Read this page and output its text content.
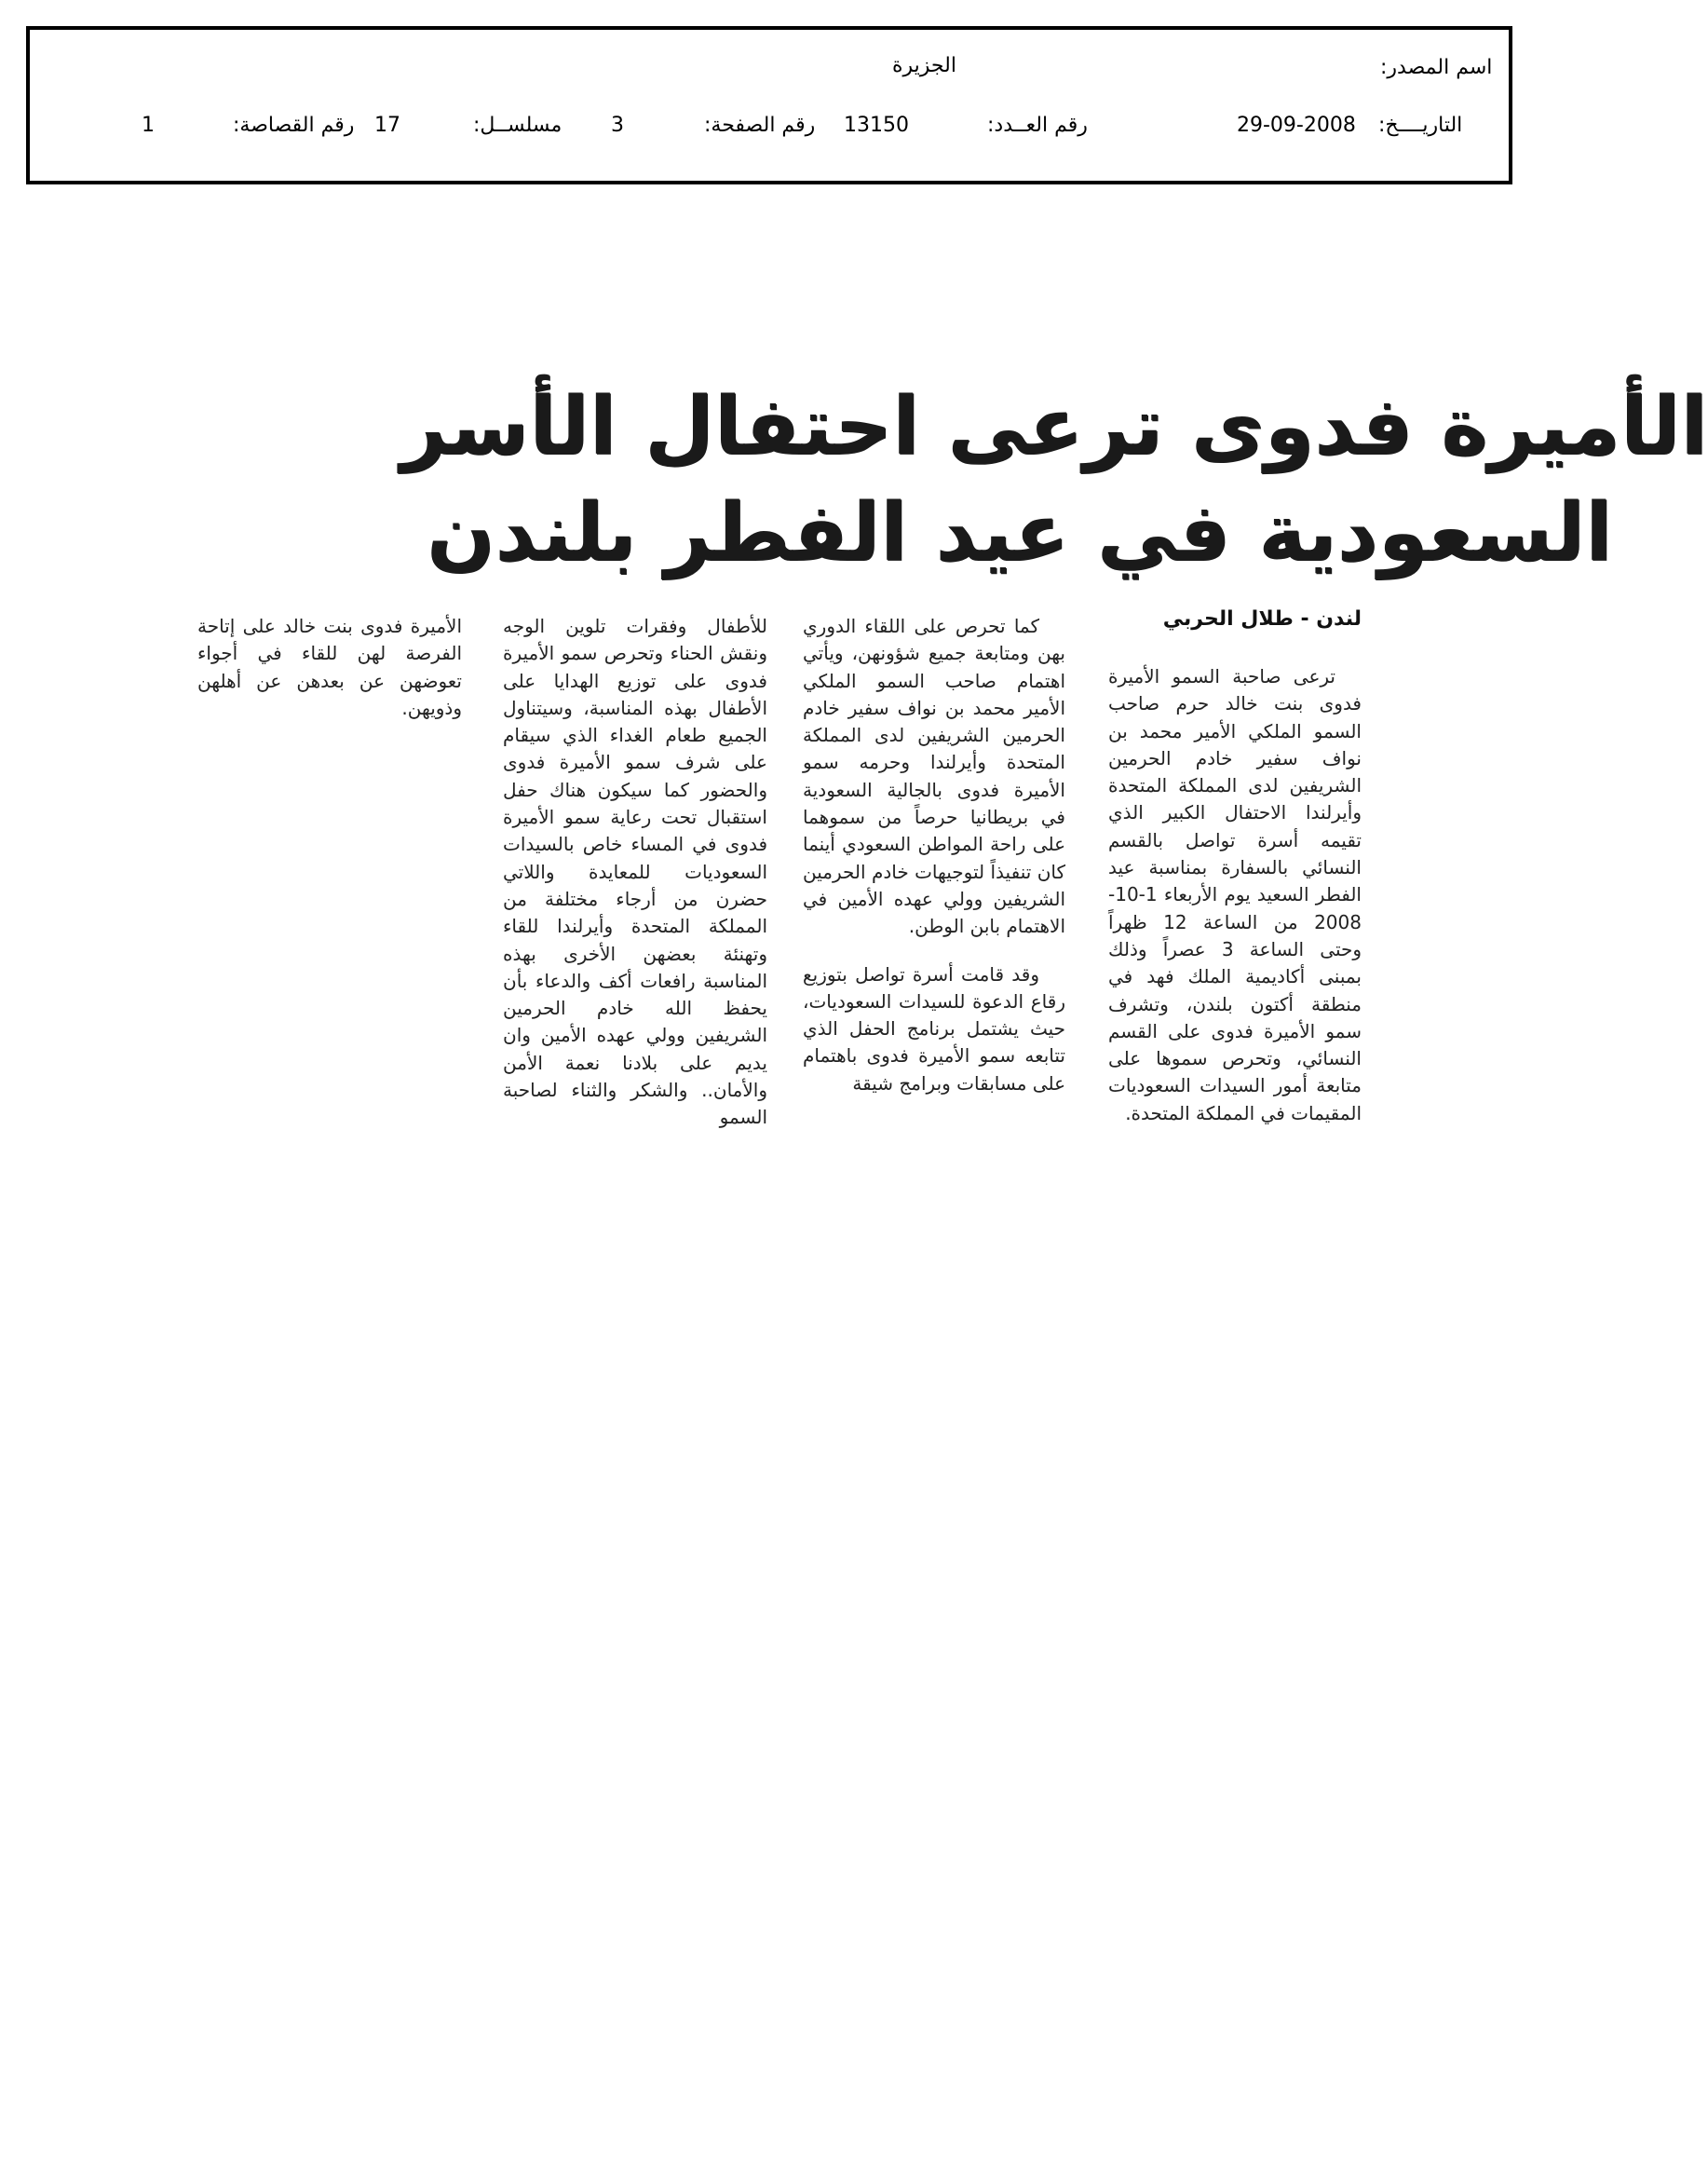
اسم المصدر:
الجزيرة
التاريــــخ:
29-09-2008
رقم العــدد:
13150
رقم الصفحة:
3
مسلســل:
17
رقم القصاصة:
1
الأميرة فدوى ترعى احتفال الأسر
السعودية في عيد الفطر بلندن
لندن - طلال الحربي

ترعى صاحبة السمو الأميرة فدوى بنت خالد حرم صاحب السمو الملكي الأمير محمد بن نواف سفير خادم الحرمين الشريفين لدى المملكة المتحدة وأيرلندا الاحتفال الكبير الذي تقيمه أسرة تواصل بالقسم النسائي بالسفارة بمناسبة عيد الفطر السعيد يوم الأربعاء 1-10-2008 من الساعة 12 ظهراً وحتى الساعة 3 عصراً وذلك بمبنى أكاديمية الملك فهد في منطقة أكتون بلندن، وتشرف سمو الأميرة فدوى على القسم النسائي، وتحرص سموها على متابعة أمور السيدات السعوديات المقيمات في المملكة المتحدة.

كما تحرص على اللقاء الدوري بهن ومتابعة جميع شؤونهن، ويأتي اهتمام صاحب السمو الملكي الأمير محمد بن نواف سفير خادم الحرمين الشريفين لدى المملكة المتحدة وأيرلندا وحرمه سمو الأميرة فدوى بالجالية السعودية في بريطانيا حرصاً من سموهما على راحة المواطن السعودي أينما كان تنفيذاً لتوجيهات خادم الحرمين الشريفين وولي عهده الأمين في الاهتمام بابن الوطن.

وقد قامت أسرة تواصل بتوزيع رقاع الدعوة للسيدات السعوديات، حيث يشتمل برنامج الحفل الذي تتابعه سمو الأميرة فدوى باهتمام على مسابقات وبرامج شيقة

للأطفال وفقرات تلوين الوجه ونقش الحناء وتحرص سمو الأميرة فدوى على توزيع الهدايا على الأطفال بهذه المناسبة، وسيتناول الجميع طعام الغداء الذي سيقام على شرف سمو الأميرة فدوى والحضور كما سيكون هناك حفل استقبال تحت رعاية سمو الأميرة فدوى في المساء خاص بالسيدات السعوديات للمعايدة واللاتي حضرن من أرجاء مختلفة من المملكة المتحدة وأيرلندا للقاء وتهنئة بعضهن الأخرى بهذه المناسبة رافعات أكف والدعاء بأن يحفظ الله خادم الحرمين الشريفين وولي عهده الأمين وان يديم على بلادنا نعمة الأمن والأمان.. والشكر والثناء لصاحبة السمو

الأميرة فدوى بنت خالد على إتاحة الفرصة لهن للقاء في أجواء تعوضهن عن بعدهن عن أهلهن وذويهن.
